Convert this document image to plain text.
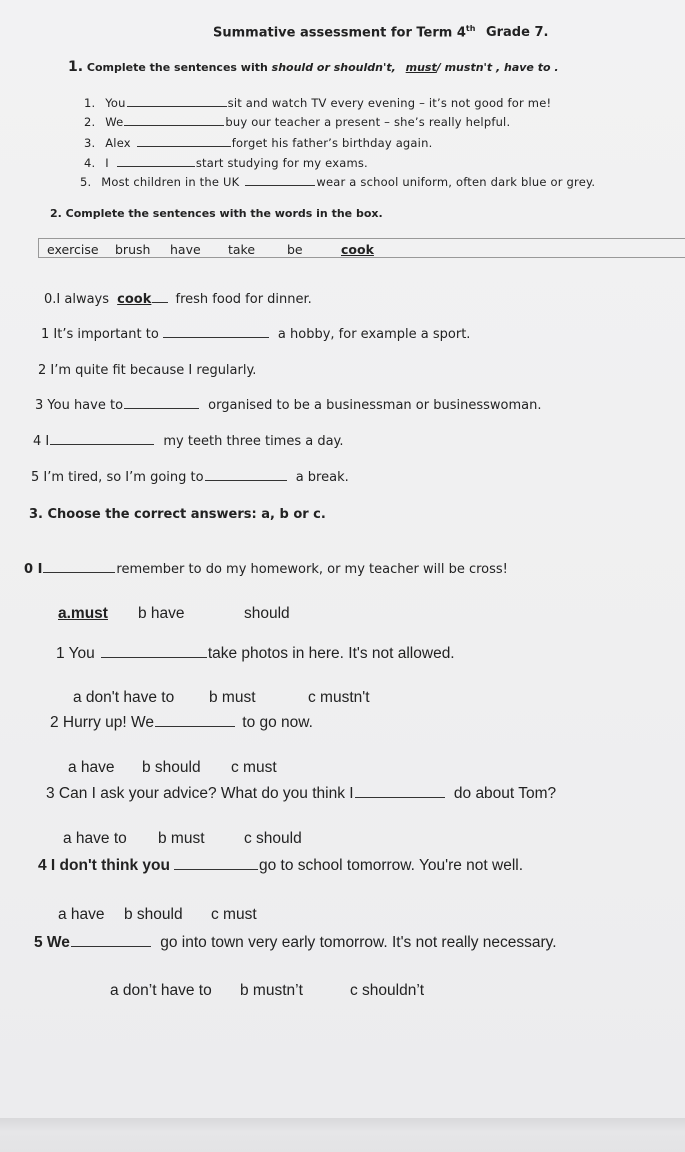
Summative assessment for Term 4th Grade 7.
1. Complete the sentences with should or shouldn't, must/ mustn't , have to .
1. You	sit and watch TV every evening – it’s not good for me!
2. We	buy our teacher a present – she’s really helpful.
3. Alex	forget his father’s birthday again.
4. I	start studying for my exams.
5. Most children in the UK	wear a school uniform, often dark blue or grey.
2. Complete the sentences with the words in the box.
exercise brush have take	be	cook
0.I always cook fresh food for dinner.
1 It’s important to	a hobby, for example a sport.
2 I’m quite fit because I regularly.
3 You have to	organised to be a businessman or businesswoman.
4 I	my teeth three times a day.
5 I’m tired, so I’m going to	a break.
3. Choose the correct answers: a, b or c.
0 I	remember to do my homework, or my teacher will be cross!
a.must b have	should
1 You	take photos in here. It's not allowed.
a don't have to b must	c mustn't
2 Hurry up! We	to go now.
a have b should c must
3 Can I ask your advice? What do you think I	do about Tom?
a have to b must	c should
4 I don't think you	go to school tomorrow. You're not well.
a have b should c must
5 We	go into town very early tomorrow. It's not really necessary.
a don’t have to b mustn’t	c shouldn’t
